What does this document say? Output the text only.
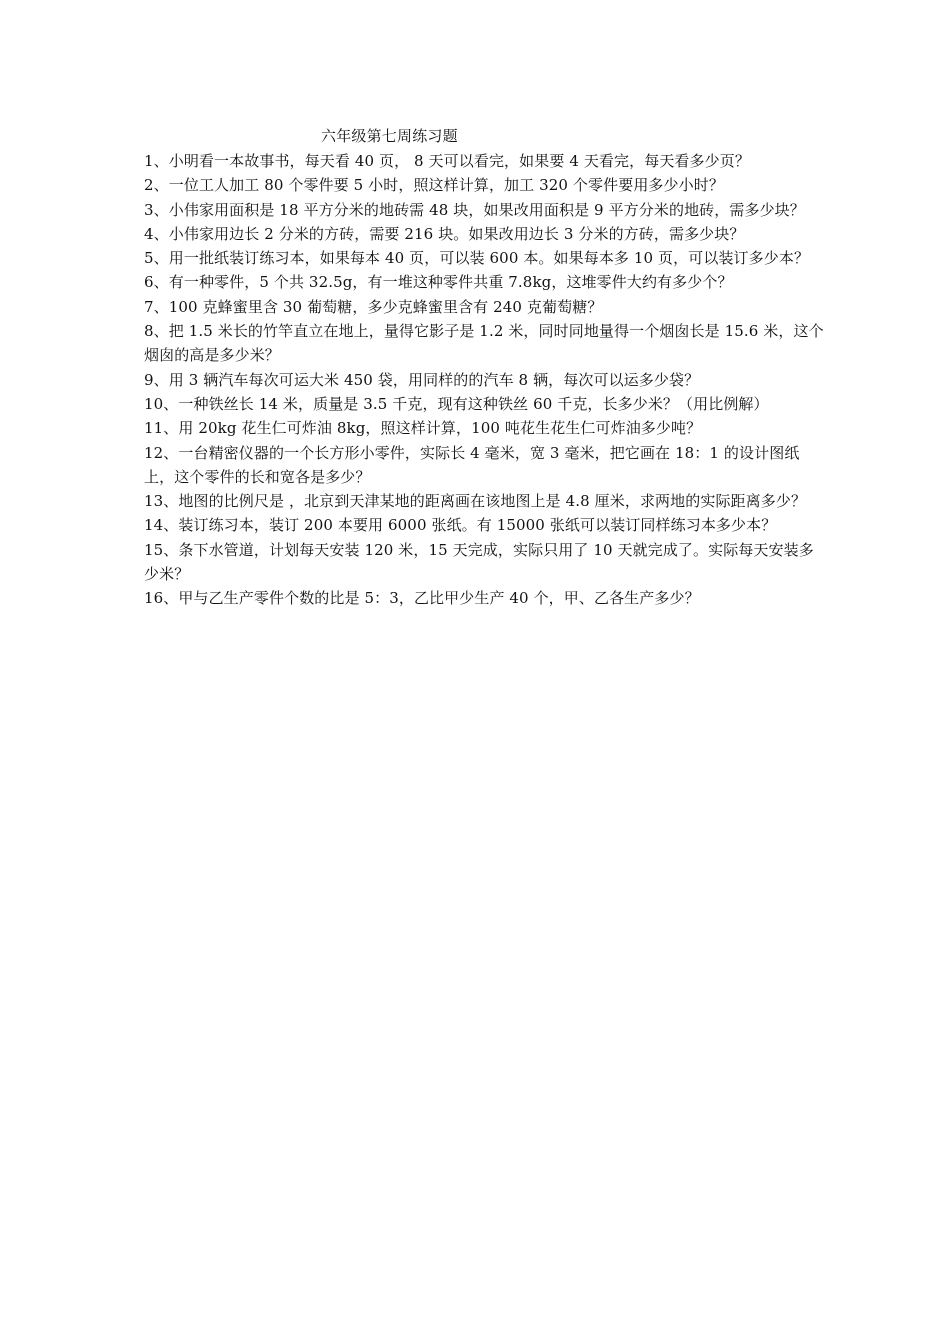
六年级第七周练习题
1、小明看一本故事书，每天看 40 页， 8 天可以看完，如果要 4 天看完，每天看多少页？
2、一位工人加工 80 个零件要 5 小时，照这样计算，加工 320 个零件要用多少小时？
3、小伟家用面积是 18 平方分米的地砖需 48 块，如果改用面积是 9 平方分米的地砖，需多少块？
4、小伟家用边长 2 分米的方砖，需要 216 块。如果改用边长 3 分米的方砖，需多少块？
5、用一批纸装订练习本，如果每本 40 页，可以装 600 本。如果每本多 10 页，可以装订多少本？
6、有一种零件，5 个共 32.5g，有一堆这种零件共重 7.8kg，这堆零件大约有多少个？
7、100 克蜂蜜里含 30 葡萄糖，多少克蜂蜜里含有 240 克葡萄糖？
8、把 1.5 米长的竹竿直立在地上，量得它影子是 1.2 米，同时同地量得一个烟囱长是 15.6 米，这个烟囱的高是多少米？
9、用 3 辆汽车每次可运大米 450 袋，用同样的的汽车 8 辆，每次可以运多少袋？
10、一种铁丝长 14 米，质量是 3.5 千克，现有这种铁丝 60 千克，长多少米？（用比例解）
11、用 20kg 花生仁可炸油 8kg，照这样计算，100 吨花生花生仁可炸油多少吨？
12、一台精密仪器的一个长方形小零件，实际长 4 毫米，宽 3 毫米，把它画在 18：1 的设计图纸上，这个零件的长和宽各是多少？
13、地图的比例尺是 ，北京到天津某地的距离画在该地图上是 4.8 厘米，求两地的实际距离多少？
14、装订练习本，装订 200 本要用 6000 张纸。有 15000 张纸可以装订同样练习本多少本？
15、条下水管道，计划每天安装 120 米，15 天完成，实际只用了 10 天就完成了。实际每天安装多少米？
16、甲与乙生产零件个数的比是 5：3，乙比甲少生产 40 个，甲、乙各生产多少？
